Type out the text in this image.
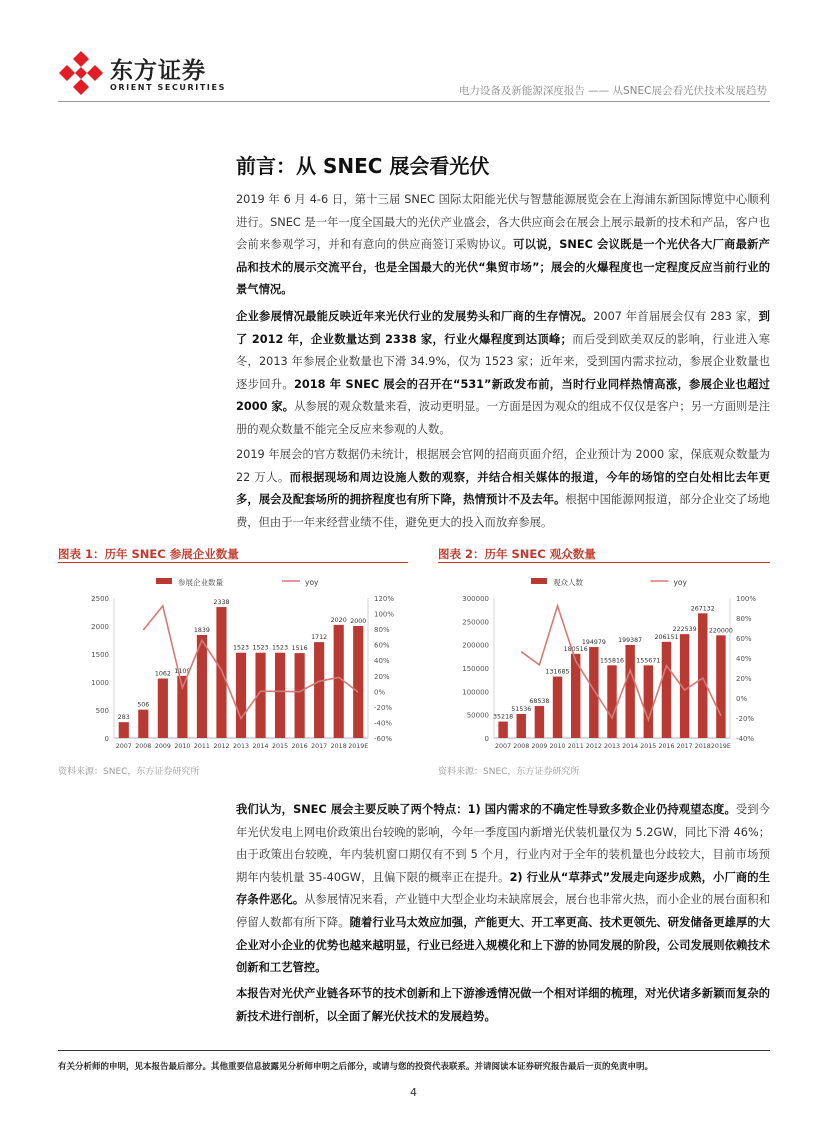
东方证券
ORIENT SECURITIES	电力设备及新能源深度报告 —— 从SNEC展会看光伏技术发展趋势
前言：从 SNEC 展会看光伏

2019 年 6 月 4-6 日，第十三届 SNEC 国际太阳能光伏与智慧能源展览会在上海浦东新国际博览中心顺利进行。SNEC 是一年一度全国最大的光伏产业盛会，各大供应商会在展会上展示最新的技术和产品，客户也会前来参观学习，并和有意向的供应商签订采购协议。可以说，SNEC 会议既是一个光伏各大厂商最新产品和技术的展示交流平台，也是全国最大的光伏“集贸市场”；展会的火爆程度也一定程度反应当前行业的景气情况。

企业参展情况最能反映近年来光伏行业的发展势头和厂商的生存情况。2007 年首届展会仅有 283 家，到了 2012 年，企业数量达到 2338 家，行业火爆程度到达顶峰；而后受到欧美双反的影响，行业进入寒冬，2013 年参展企业数量也下滑 34.9%，仅为 1523 家；近年来，受到国内需求拉动，参展企业数量也逐步回升。2018 年 SNEC 展会的召开在“531”新政发布前，当时行业同样热情高涨，参展企业也超过 2000 家。从参展的观众数量来看，波动更明显。一方面是因为观众的组成不仅仅是客户；另一方面则是注册的观众数量不能完全反应来参观的人数。

2019 年展会的官方数据仍未统计，根据展会官网的招商页面介绍，企业预计为 2000 家，保底观众数量为 22 万人。而根据现场和周边设施人数的观察，并结合相关媒体的报道，今年的场馆的空白处相比去年更多，展会及配套场所的拥挤程度也有所下降，热情预计不及去年。根据中国能源网报道，部分企业交了场地费，但由于一年来经营业绩不佳，避免更大的投入而放弃参展。

图表 1：历年 SNEC 参展企业数量
参展企业数量	yoy
0
500
1000
1500
2000
2500
-60%
-40%
-20%
0%
20%
40%
60%
80%
100%
120%
283
2007
506
2008
1062
2009
1109
2010
1839
2011
2338
2012
1523
2013
1523
2014
1523
2015
1516
2016
1712
2017
2020
2018
2000
2019E
资料来源：SNEC，东方证券研究所
图表 2：历年 SNEC 观众数量
观众人数	yoy
0
50000
100000
150000
200000
250000
300000
-40%
-20%
0%
20%
40%
60%
80%
100%
35218
2007
51536
2008
68538
2009
131685
2010
180516
2011
194979
2012
155816
2013
199387
2014
155671
2015
206151
2016
222539
2017
267132
2018
220000
2019E
资料来源：SNEC，东方证券研究所

我们认为，SNEC 展会主要反映了两个特点：1) 国内需求的不确定性导致多数企业仍持观望态度。受到今年光伏发电上网电价政策出台较晚的影响，今年一季度国内新增光伏装机量仅为 5.2GW，同比下滑 46%；由于政策出台较晚，年内装机窗口期仅有不到 5 个月，行业内对于全年的装机量也分歧较大，目前市场预期年内装机量 35-40GW，且偏下限的概率正在提升。2) 行业从“草莽式”发展走向逐步成熟，小厂商的生存条件恶化。从参展情况来看，产业链中大型企业均未缺席展会，展台也非常火热，而小企业的展台面积和停留人数都有所下降。随着行业马太效应加强，产能更大、开工率更高、技术更领先、研发储备更雄厚的大企业对小企业的优势也越来越明显，行业已经进入规模化和上下游的协同发展的阶段，公司发展则依赖技术创新和工艺管控。

本报告对光伏产业链各环节的技术创新和上下游渗透情况做一个相对详细的梳理，对光伏诸多新颖而复杂的新技术进行剖析，以全面了解光伏技术的发展趋势。

有关分析师的申明，见本报告最后部分。其他重要信息披露见分析师申明之后部分，或请与您的投资代表联系。并请阅读本证券研究报告最后一页的免责申明。
4
